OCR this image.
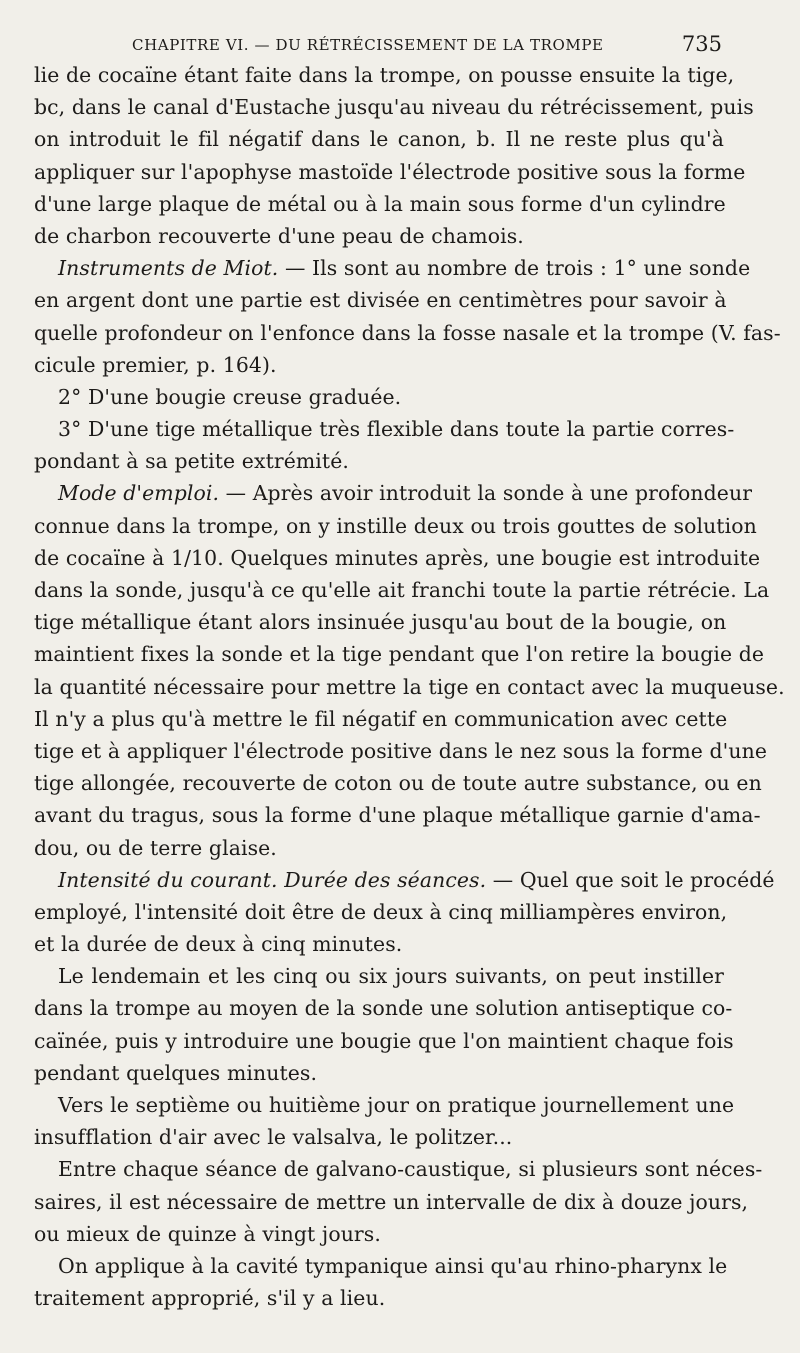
CHAPITRE VI. — DU RÉTRÉCISSEMENT DE LA TROMPE	735

lie de cocaïne étant faite dans la trompe, on pousse ensuite la tige,
bc, dans le canal d'Eustache jusqu'au niveau du rétrécissement, puis
on introduit le fil négatif dans le canon, b. Il ne reste plus qu'à
appliquer sur l'apophyse mastoïde l'électrode positive sous la forme
d'une large plaque de métal ou à la main sous forme d'un cylindre
de charbon recouverte d'une peau de chamois.

Instruments de Miot. — Ils sont au nombre de trois : 1° une sonde
en argent dont une partie est divisée en centimètres pour savoir à
quelle profondeur on l'enfonce dans la fosse nasale et la trompe (V. fas-
cicule premier, p. 164).

2° D'une bougie creuse graduée.

3° D'une tige métallique très flexible dans toute la partie corres-
pondant à sa petite extrémité.

Mode d'emploi. — Après avoir introduit la sonde à une profondeur
connue dans la trompe, on y instille deux ou trois gouttes de solution
de cocaïne à 1/10. Quelques minutes après, une bougie est introduite
dans la sonde, jusqu'à ce qu'elle ait franchi toute la partie rétrécie. La
tige métallique étant alors insinuée jusqu'au bout de la bougie, on
maintient fixes la sonde et la tige pendant que l'on retire la bougie de
la quantité nécessaire pour mettre la tige en contact avec la muqueuse.
Il n'y a plus qu'à mettre le fil négatif en communication avec cette
tige et à appliquer l'électrode positive dans le nez sous la forme d'une
tige allongée, recouverte de coton ou de toute autre substance, ou en
avant du tragus, sous la forme d'une plaque métallique garnie d'ama-
dou, ou de terre glaise.

Intensité du courant. Durée des séances. — Quel que soit le procédé
employé, l'intensité doit être de deux à cinq milliampères environ,
et la durée de deux à cinq minutes.

Le lendemain et les cinq ou six jours suivants, on peut instiller
dans la trompe au moyen de la sonde une solution antiseptique co-
caïnée, puis y introduire une bougie que l'on maintient chaque fois
pendant quelques minutes.

Vers le septième ou huitième jour on pratique journellement une
insufflation d'air avec le valsalva, le politzer...

Entre chaque séance de galvano-caustique, si plusieurs sont néces-
saires, il est nécessaire de mettre un intervalle de dix à douze jours,
ou mieux de quinze à vingt jours.

On applique à la cavité tympanique ainsi qu'au rhino-pharynx le
traitement approprié, s'il y a lieu.
